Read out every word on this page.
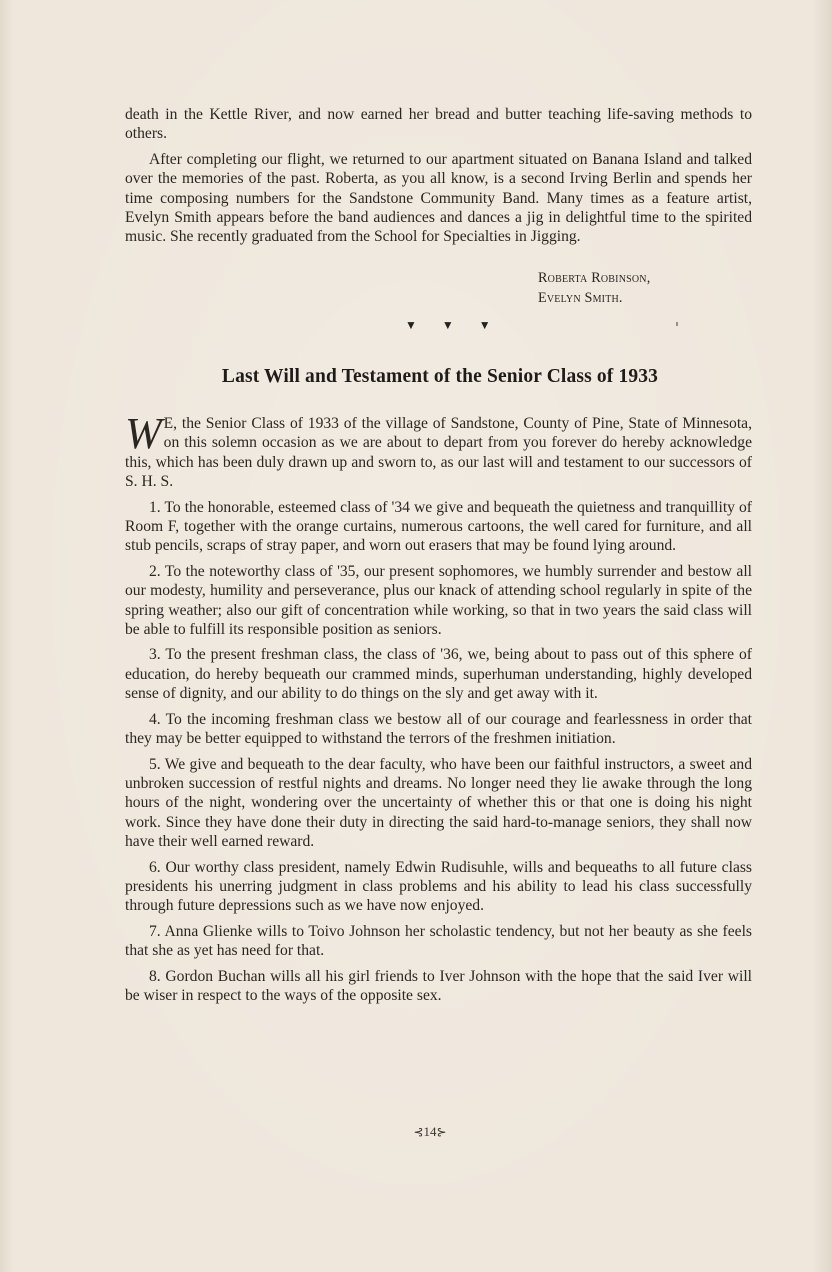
death in the Kettle River, and now earned her bread and butter teaching life-saving methods to others.

After completing our flight, we returned to our apartment situated on Banana Island and talked over the memories of the past. Roberta, as you all know, is a second Irving Berlin and spends her time composing numbers for the Sandstone Community Band. Many times as a feature artist, Evelyn Smith appears before the band audiences and dances a jig in delightful time to the spirited music. She recently graduated from the School for Specialties in Jigging.

Roberta Robinson,
Evelyn Smith.
▼ ▼ ▼
Last Will and Testament of the Senior Class of 1933

W E, the Senior Class of 1933 of the village of Sandstone, County of Pine, State of Minnesota, on this solemn occasion as we are about to depart from you forever do hereby acknowledge this, which has been duly drawn up and sworn to, as our last will and testament to our successors of S. H. S.

1. To the honorable, esteemed class of '34 we give and bequeath the quietness and tranquillity of Room F, together with the orange curtains, numerous cartoons, the well cared for furniture, and all stub pencils, scraps of stray paper, and worn out erasers that may be found lying around.

2. To the noteworthy class of '35, our present sophomores, we humbly surrender and bestow all our modesty, humility and perseverance, plus our knack of attending school regularly in spite of the spring weather; also our gift of concentration while working, so that in two years the said class will be able to fulfill its responsible position as seniors.

3. To the present freshman class, the class of '36, we, being about to pass out of this sphere of education, do hereby bequeath our crammed minds, superhuman understanding, highly developed sense of dignity, and our ability to do things on the sly and get away with it.

4. To the incoming freshman class we bestow all of our courage and fearlessness in order that they may be better equipped to withstand the terrors of the freshmen initiation.

5. We give and bequeath to the dear faculty, who have been our faithful instructors, a sweet and unbroken succession of restful nights and dreams. No longer need they lie awake through the long hours of the night, wondering over the uncertainty of whether this or that one is doing his night work. Since they have done their duty in directing the said hard-to-manage seniors, they shall now have their well earned reward.

6. Our worthy class president, namely Edwin Rudisuhle, wills and bequeaths to all future class presidents his unerring judgment in class problems and his ability to lead his class successfully through future depressions such as we have now enjoyed.

7. Anna Glienke wills to Toivo Johnson her scholastic tendency, but not her beauty as she feels that she as yet has need for that.

8. Gordon Buchan wills all his girl friends to Iver Johnson with the hope that the said Iver will be wiser in respect to the ways of the opposite sex.

⊰14⊱
